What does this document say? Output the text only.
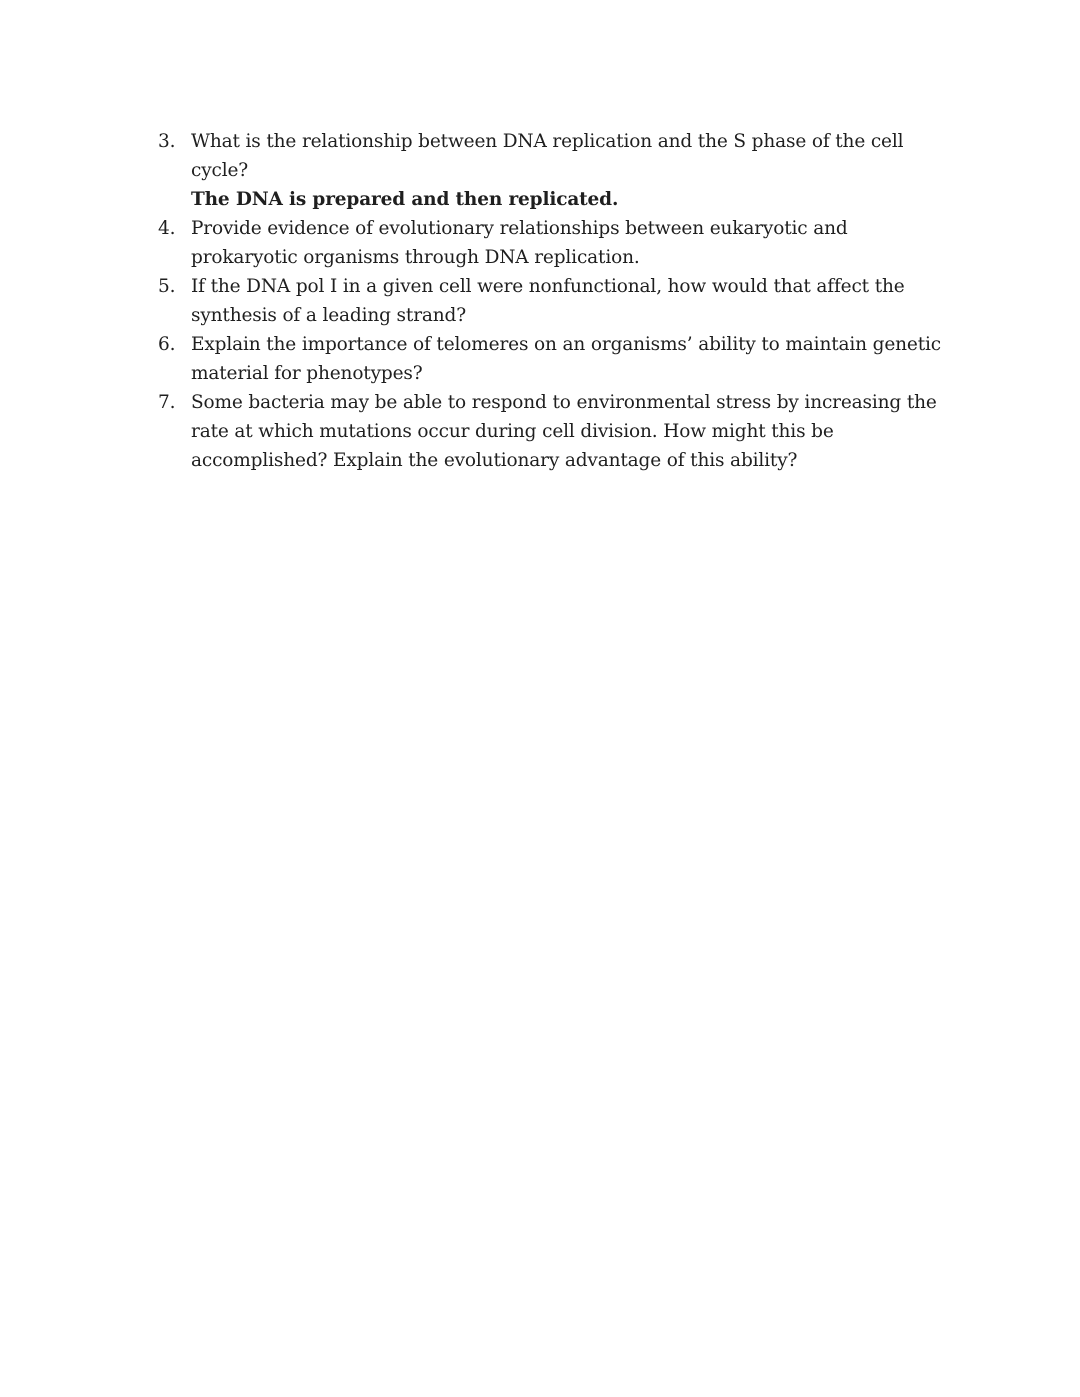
3. What is the relationship between DNA replication and the S phase of the cell cycle?
The DNA is prepared and then replicated.
4. Provide evidence of evolutionary relationships between eukaryotic and prokaryotic organisms through DNA replication.
5. If the DNA pol I in a given cell were nonfunctional, how would that affect the synthesis of a leading strand?
6. Explain the importance of telomeres on an organisms’ ability to maintain genetic material for phenotypes?
7. Some bacteria may be able to respond to environmental stress by increasing the rate at which mutations occur during cell division. How might this be accomplished? Explain the evolutionary advantage of this ability?
